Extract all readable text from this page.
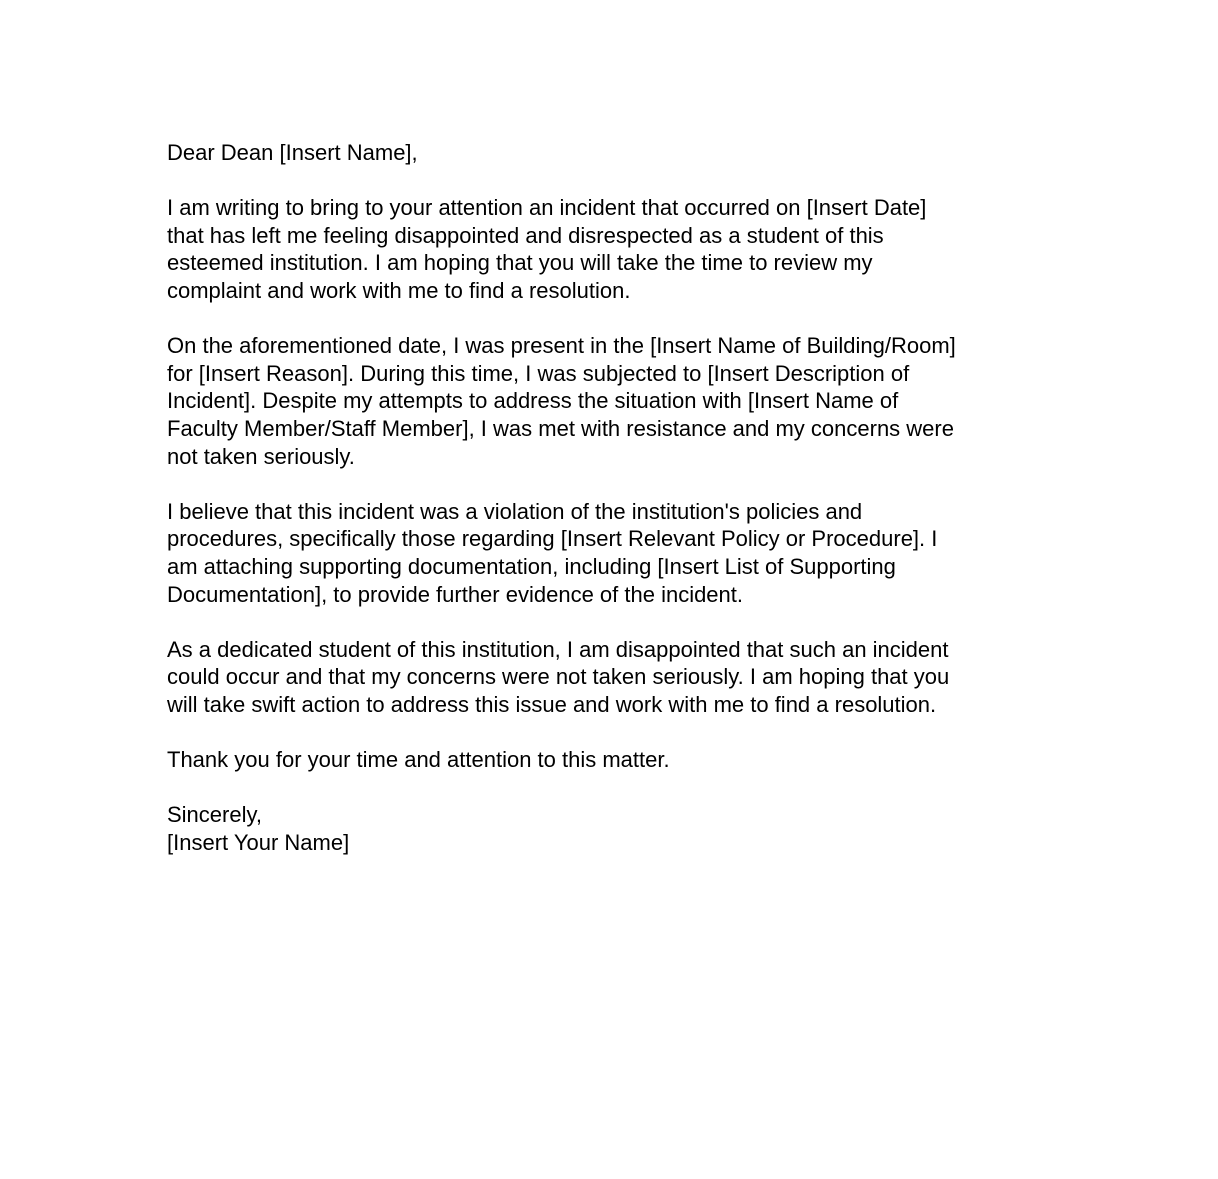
Dear Dean [Insert Name],

I am writing to bring to your attention an incident that occurred on [Insert Date]
that has left me feeling disappointed and disrespected as a student of this
esteemed institution. I am hoping that you will take the time to review my
complaint and work with me to find a resolution.

On the aforementioned date, I was present in the [Insert Name of Building/Room]
for [Insert Reason]. During this time, I was subjected to [Insert Description of
Incident]. Despite my attempts to address the situation with [Insert Name of
Faculty Member/Staff Member], I was met with resistance and my concerns were
not taken seriously.

I believe that this incident was a violation of the institution's policies and
procedures, specifically those regarding [Insert Relevant Policy or Procedure]. I
am attaching supporting documentation, including [Insert List of Supporting
Documentation], to provide further evidence of the incident.

As a dedicated student of this institution, I am disappointed that such an incident
could occur and that my concerns were not taken seriously. I am hoping that you
will take swift action to address this issue and work with me to find a resolution.

Thank you for your time and attention to this matter.

Sincerely,

[Insert Your Name]
